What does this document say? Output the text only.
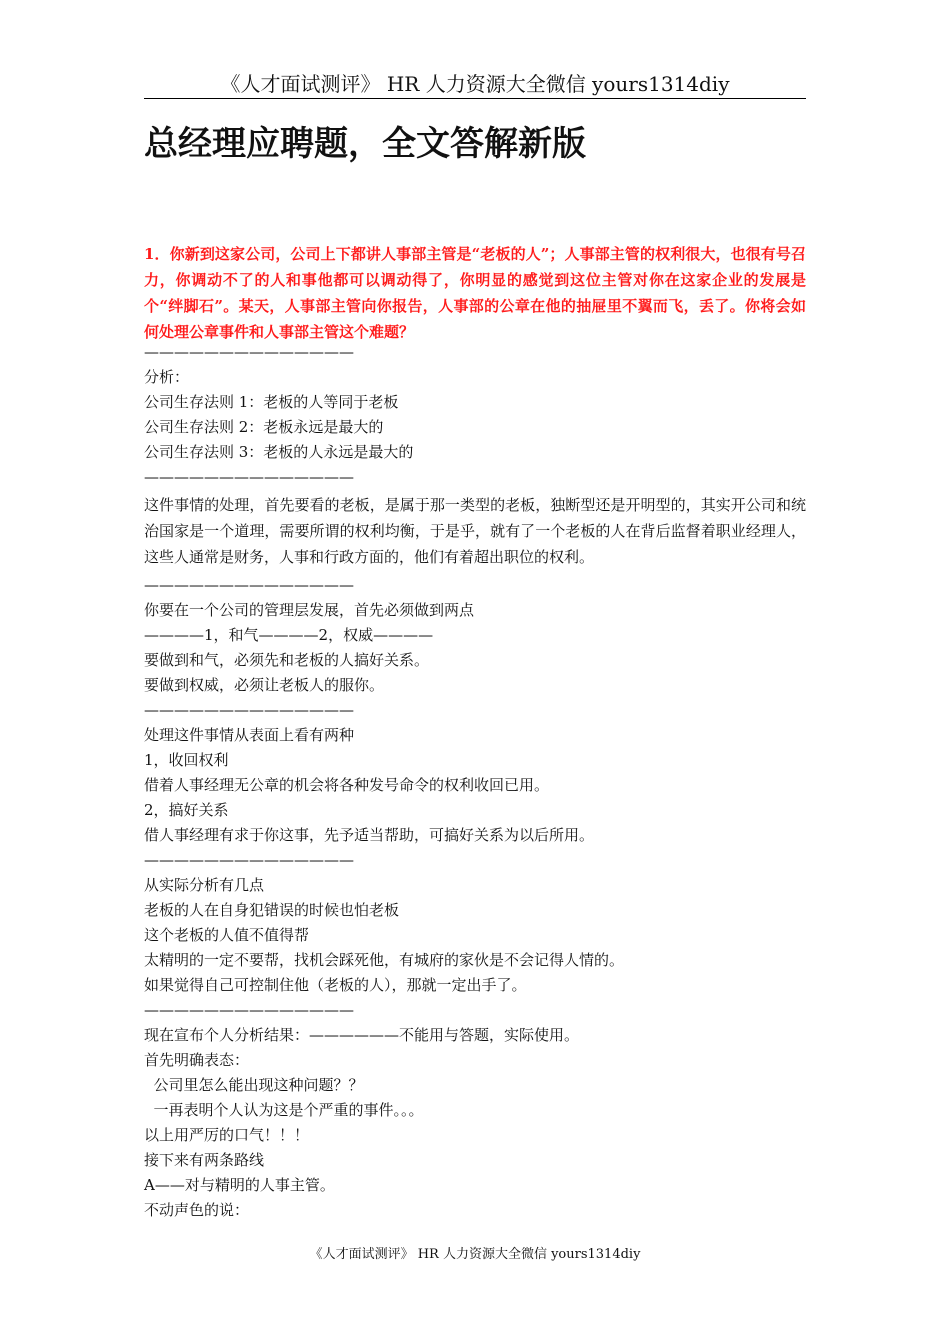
《人才面试测评》 HR 人力资源大全微信 yours1314diy
总经理应聘题，全文答解新版

1．你新到这家公司，公司上下都讲人事部主管是“老板的人”；人事部主管的权利很大，也很有号召力，你调动不了的人和事他都可以调动得了，你明显的感觉到这位主管对你在这家企业的发展是个“绊脚石”。某天，人事部主管向你报告，人事部的公章在他的抽屉里不翼而飞，丢了。你将会如何处理公章事件和人事部主管这个难题？

——————————————
分析：
公司生存法则 1：老板的人等同于老板
公司生存法则 2：老板永远是最大的
公司生存法则 3：老板的人永远是最大的
——————————————
这件事情的处理，首先要看的老板，是属于那一类型的老板，独断型还是开明型的，其实开公司和统治国家是一个道理，需要所谓的权利均衡，于是乎，就有了一个老板的人在背后监督着职业经理人，这些人通常是财务，人事和行政方面的，他们有着超出职位的权利。
——————————————
你要在一个公司的管理层发展，首先必须做到两点
————1，和气————2，权威————
要做到和气，必须先和老板的人搞好关系。
要做到权威，必须让老板人的服你。
——————————————
处理这件事情从表面上看有两种
1，收回权利
借着人事经理无公章的机会将各种发号命令的权利收回已用。
2，搞好关系
借人事经理有求于你这事，先予适当帮助，可搞好关系为以后所用。
——————————————
从实际分析有几点
老板的人在自身犯错误的时候也怕老板
这个老板的人值不值得帮
太精明的一定不要帮，找机会踩死他，有城府的家伙是不会记得人情的。
如果觉得自己可控制住他（老板的人），那就一定出手了。
——————————————
现在宣布个人分析结果：——————不能用与答题，实际使用。
首先明确表态：
公司里怎么能出现这种问题？？
一再表明个人认为这是个严重的事件。。。
以上用严厉的口气！！！
接下来有两条路线
A——对与精明的人事主管。
不动声色的说：
《人才面试测评》 HR 人力资源大全微信 yours1314diy
